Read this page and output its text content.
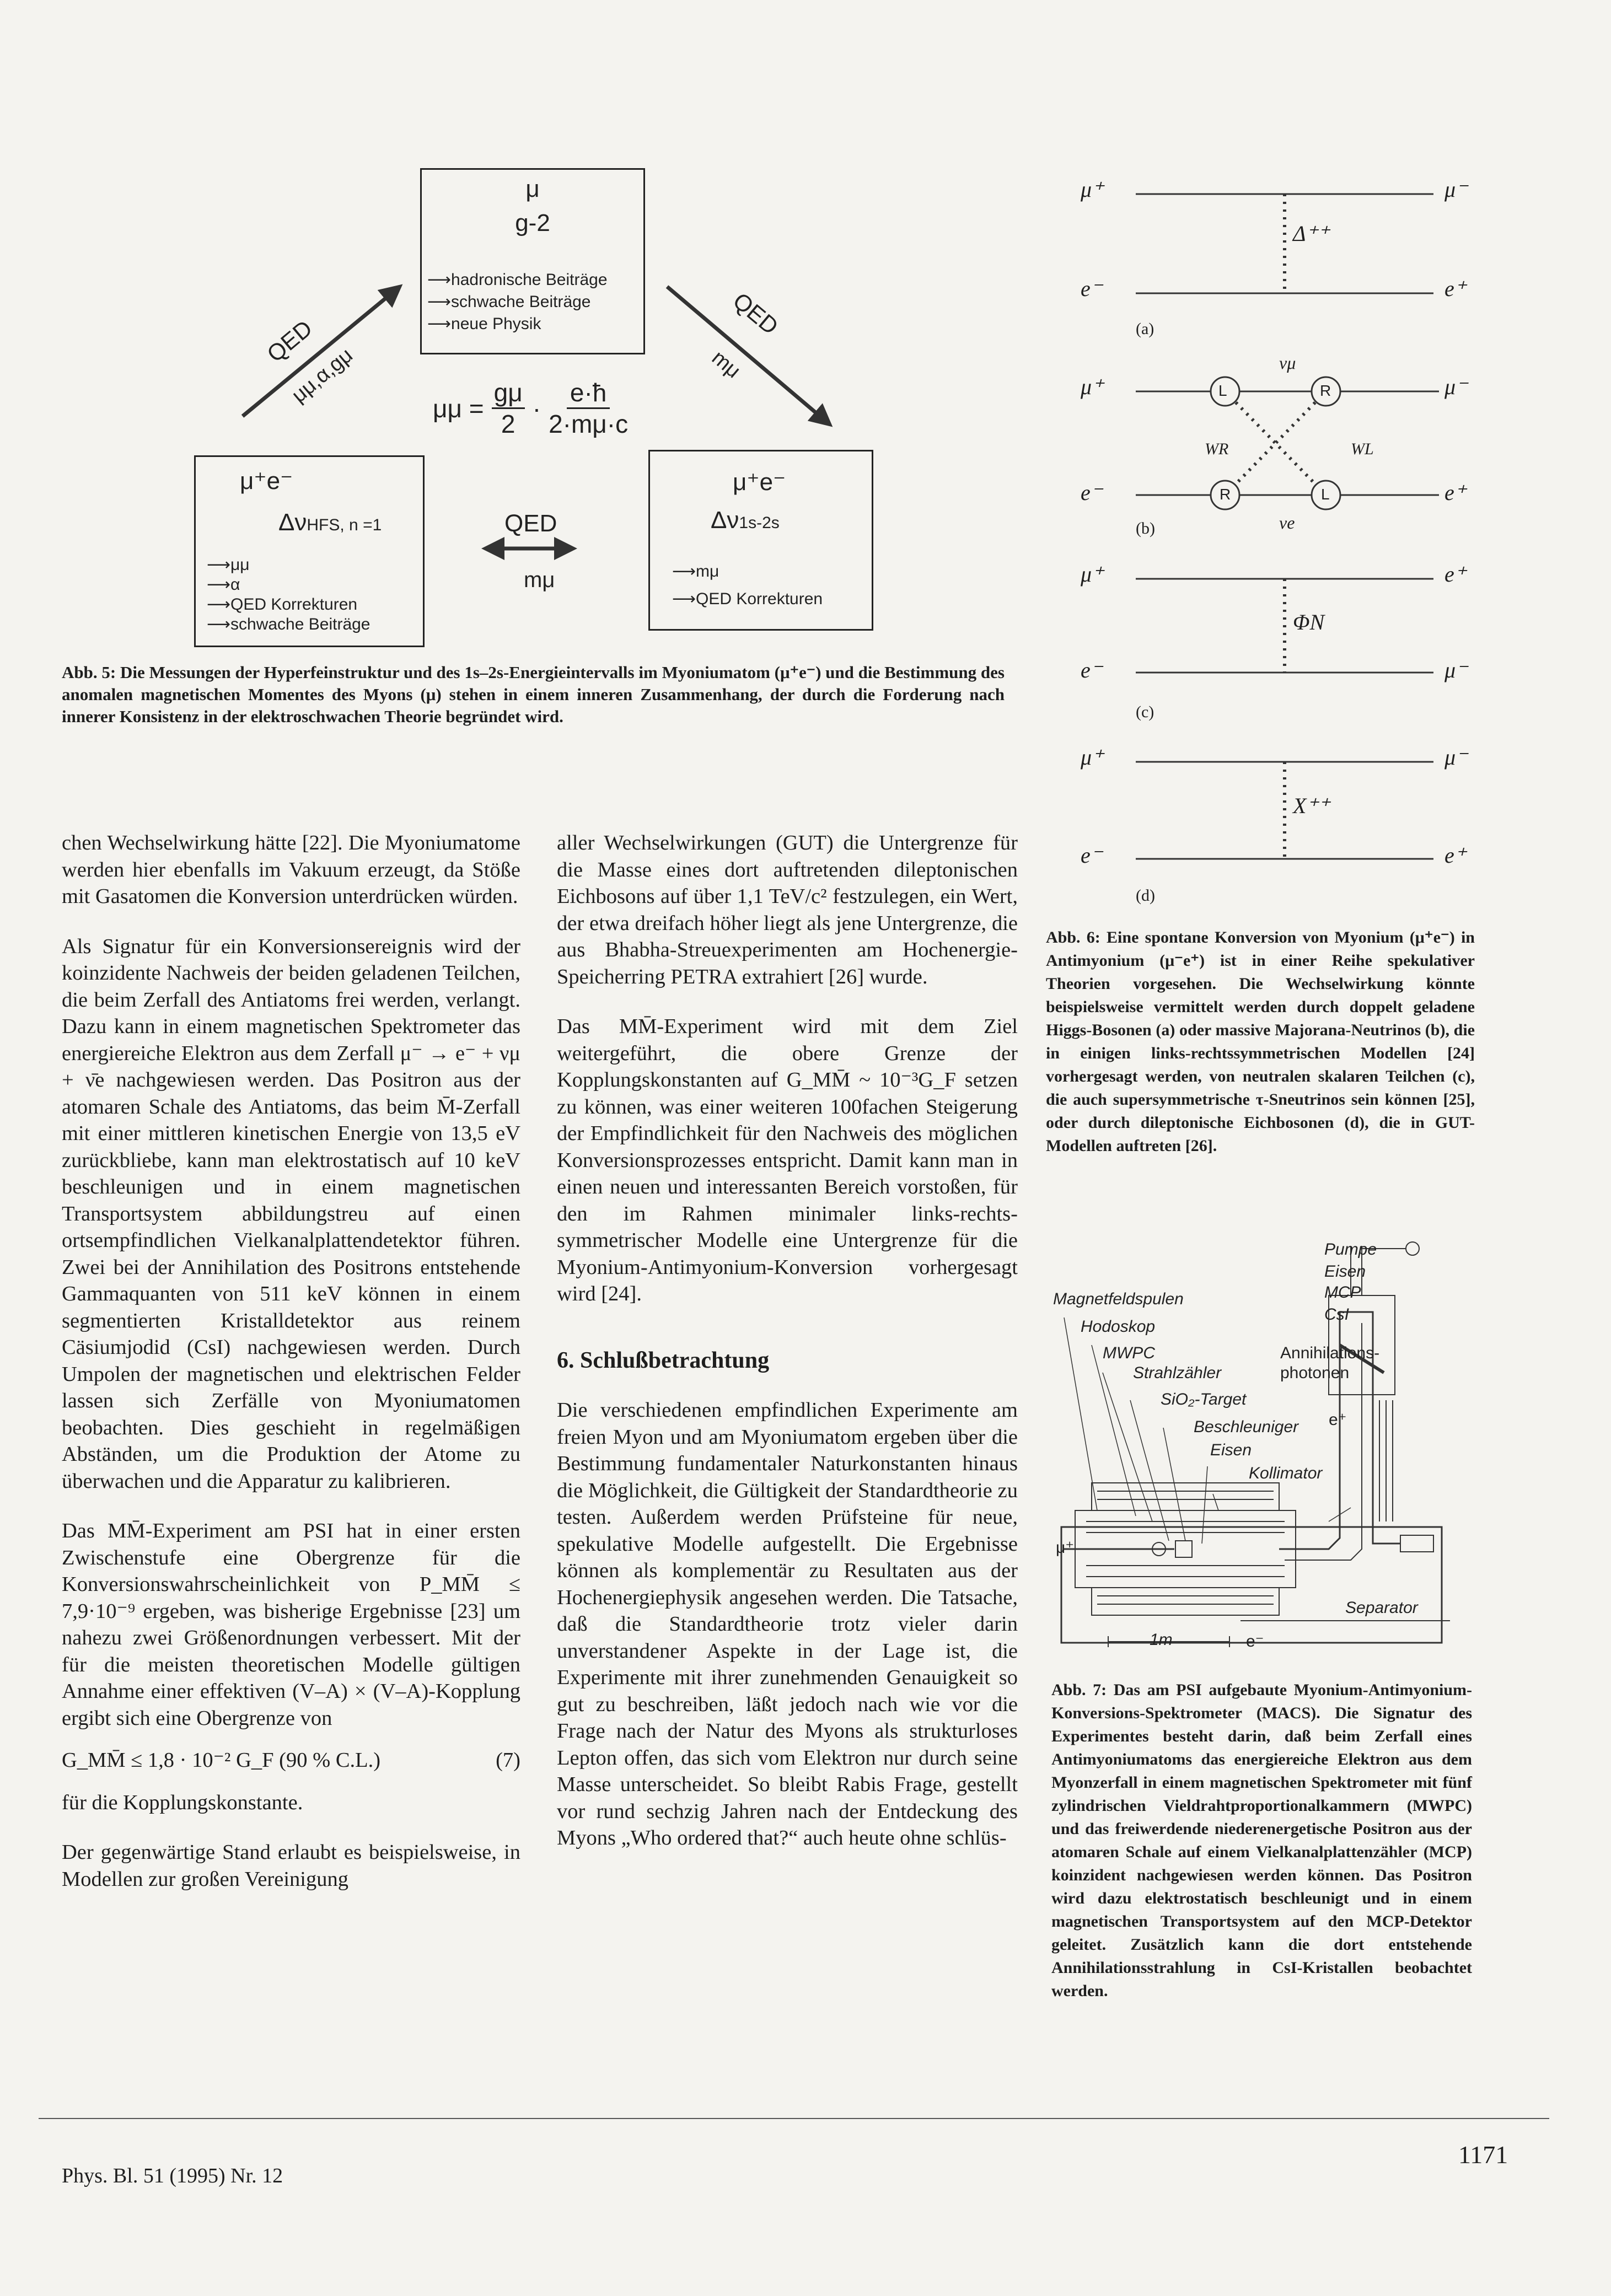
μ
g-2
⟶hadronische Beiträge
⟶schwache Beiträge
⟶neue Physik
μ⁺e⁻
ΔνHFS, n =1
⟶μμ
⟶α
⟶QED Korrekturen
⟶schwache Beiträge
μ⁺e⁻
Δν1s-2s
⟶mμ
⟶QED Korrekturen
QED
μμ,α,gμ
QED
mμ
QED
mμ
$\mu\mu = \frac{g\mu}{2} \cdot \frac{e\cdot ħ}{2\cdot m\mu\cdot c}$
Abb. 5: Die Messungen der Hyperfeinstruktur und des 1s–2s-Energieintervalls im Myoniumatom (μ⁺e⁻) und die Bestimmung des anomalen magnetischen Momentes des Myons (μ) stehen in einem inneren Zusammenhang, der durch die Forderung nach innerer Konsistenz in der elektroschwachen Theorie begründet wird.
μ⁺	μ⁻
Δ⁺⁺
e⁻	e⁺
(a)
μ⁺	μ⁻
νμ
L	R
WR	WL
R	L
e⁻	e⁺
νe
(b)
μ⁺	e⁺
ΦN
e⁻	μ⁻
(c)
μ⁺	μ⁻
X⁺⁺
e⁻	e⁺
(d)
Abb. 6: Eine spontane Konversion von Myonium (μ⁺e⁻) in Antimyonium (μ⁻e⁺) ist in einer Reihe spekulativer Theorien vorgesehen. Die Wechselwirkung könnte beispielsweise vermittelt werden durch doppelt geladene Higgs-Bosonen (a) oder massive Majorana-Neutrinos (b), die in einigen links-rechtssymmetrischen Modellen [24] vorhergesagt werden, von neutralen skalaren Teilchen (c), die auch supersymmetrische τ-Sneutrinos sein können [25], oder durch dileptonische Eichbosonen (d), die in GUT-Modellen auftreten [26].
Pumpe
Eisen
MCP
CsI
Magnetfeldspulen
Hodoskop
MWPC	Annihilations-
photonen
Strahlzähler
SiO₂-Target
Beschleuniger e⁺
Eisen
Kollimator
μ⁺
Separator
1m	e⁻
Abb. 7: Das am PSI aufgebaute Myonium-Antimyonium-Konversions-Spektrometer (MACS). Die Signatur des Experimentes besteht darin, daß beim Zerfall eines Antimyoniumatoms das energiereiche Elektron aus dem Myonzerfall in einem magnetischen Spektrometer mit fünf zylindrischen Vieldrahtproportionalkammern (MWPC) und das freiwerdende niederenergetische Positron aus der atomaren Schale auf einem Vielkanalplattenzähler (MCP) koinzident nachgewiesen werden können. Das Positron wird dazu elektrostatisch beschleunigt und in einem magnetischen Transportsystem auf den MCP-Detektor geleitet. Zusätzlich kann die dort entstehende Annihilationsstrahlung in CsI-Kristallen beobachtet werden.

chen Wechselwirkung hätte [22]. Die Myoniumatome werden hier ebenfalls im Vakuum erzeugt, da Stöße mit Gasatomen die Konversion unterdrücken würden.

Als Signatur für ein Konversionsereignis wird der koinzidente Nachweis der beiden geladenen Teilchen, die beim Zerfall des Antiatoms frei werden, verlangt. Dazu kann in einem magnetischen Spektrometer das energiereiche Elektron aus dem Zerfall μ⁻ → e⁻ + νμ + ν̄e nachgewiesen werden. Das Positron aus der atomaren Schale des Antiatoms, das beim M̄-Zerfall mit einer mittleren kinetischen Energie von 13,5 eV zurückbliebe, kann man elektrostatisch auf 10 keV beschleunigen und in einem magnetischen Transportsystem abbildungstreu auf einen ortsempfindlichen Vielkanalplattendetektor führen. Zwei bei der Annihilation des Positrons entstehende Gammaquanten von 511 keV können in einem segmentierten Kristalldetektor aus reinem Cäsiumjodid (CsI) nachgewiesen werden. Durch Umpolen der magnetischen und elektrischen Felder lassen sich Zerfälle von Myoniumatomen beobachten. Dies geschieht in regelmäßigen Abständen, um die Produktion der Atome zu überwachen und die Apparatur zu kalibrieren.

Das MM̄-Experiment am PSI hat in einer ersten Zwischenstufe eine Obergrenze für die Konversionswahrscheinlichkeit von P_MM̄ ≤ 7,9·10⁻⁹ ergeben, was bisherige Ergebnisse [23] um nahezu zwei Größenordnungen verbessert. Mit der für die meisten theoretischen Modelle gültigen Annahme einer effektiven (V–A) × (V–A)-Kopplung ergibt sich eine Obergrenze von

G_MM̄ ≤ 1,8 · 10⁻² G_F (90 % C.L.)	(7)

für die Kopplungskonstante.

Der gegenwärtige Stand erlaubt es beispielsweise, in Modellen zur großen Vereinigung

aller Wechselwirkungen (GUT) die Untergrenze für die Masse eines dort auftretenden dileptonischen Eichbosons auf über 1,1 TeV/c² festzulegen, ein Wert, der etwa dreifach höher liegt als jene Untergrenze, die aus Bhabha-Streuexperimenten am Hochenergie-Speicherring PETRA extrahiert [26] wurde.

Das MM̄-Experiment wird mit dem Ziel weitergeführt, die obere Grenze der Kopplungskonstanten auf G_MM̄ ~ 10⁻³G_F setzen zu können, was einer weiteren 100fachen Steigerung der Empfindlichkeit für den Nachweis des möglichen Konversionsprozesses entspricht. Damit kann man in einen neuen und interessanten Bereich vorstoßen, für den im Rahmen minimaler links-rechts-symmetrischer Modelle eine Untergrenze für die Myonium-Antimyonium-Konversion vorhergesagt wird [24].

6. Schlußbetrachtung

Die verschiedenen empfindlichen Experimente am freien Myon und am Myoniumatom ergeben über die Bestimmung fundamentaler Naturkonstanten hinaus die Möglichkeit, die Gültigkeit der Standardtheorie zu testen. Außerdem werden Prüfsteine für neue, spekulative Modelle aufgestellt. Die Ergebnisse können als komplementär zu Resultaten aus der Hochenergiephysik angesehen werden. Die Tatsache, daß die Standardtheorie trotz vieler darin unverstandener Aspekte in der Lage ist, die Experimente mit ihrer zunehmenden Genauigkeit so gut zu beschreiben, läßt jedoch nach wie vor die Frage nach der Natur des Myons als strukturloses Lepton offen, das sich vom Elektron nur durch seine Masse unterscheidet. So bleibt Rabis Frage, gestellt vor rund sechzig Jahren nach der Entdeckung des Myons „Who ordered that?“ auch heute ohne schlüs-

Phys. Bl. 51 (1995) Nr. 12
1171
